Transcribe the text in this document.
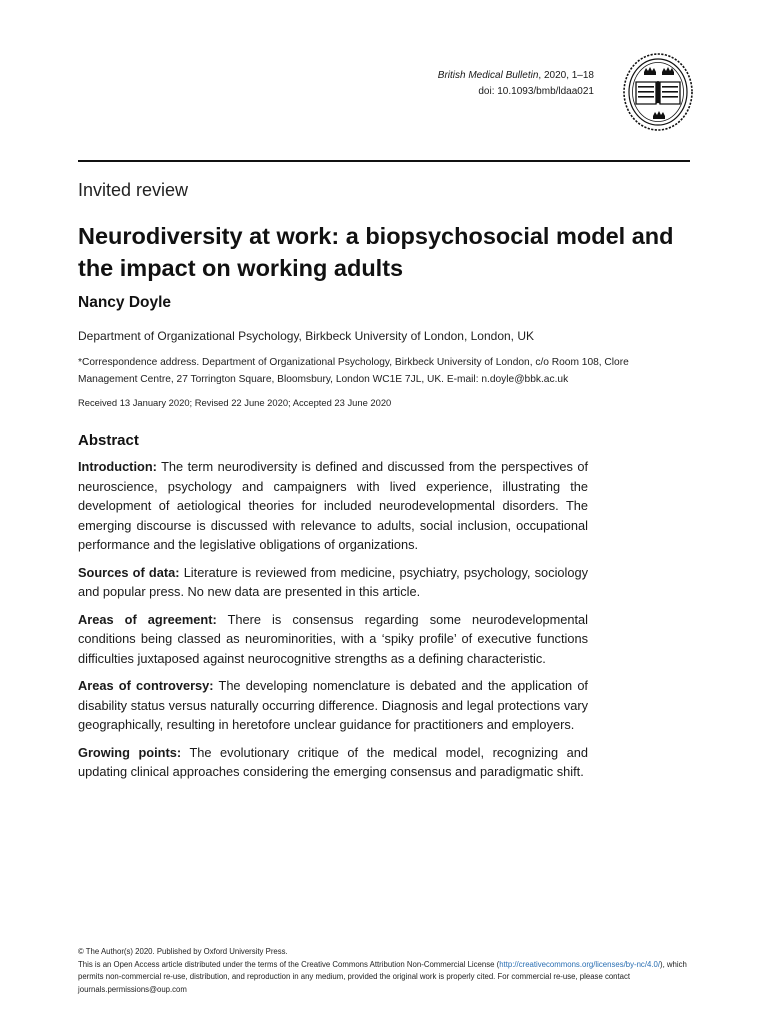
British Medical Bulletin, 2020, 1–18
doi: 10.1093/bmb/ldaa021
Invited review
Neurodiversity at work: a biopsychosocial model and the impact on working adults
Nancy Doyle
Department of Organizational Psychology, Birkbeck University of London, London, UK
*Correspondence address. Department of Organizational Psychology, Birkbeck University of London, c/o Room 108, Clore Management Centre, 27 Torrington Square, Bloomsbury, London WC1E 7JL, UK. E-mail: n.doyle@bbk.ac.uk
Received 13 January 2020; Revised 22 June 2020; Accepted 23 June 2020
Abstract

Introduction: The term neurodiversity is defined and discussed from the perspectives of neuroscience, psychology and campaigners with lived experience, illustrating the development of aetiological theories for included neurodevelopmental disorders. The emerging discourse is discussed with relevance to adults, social inclusion, occupational performance and the legislative obligations of organizations.

Sources of data: Literature is reviewed from medicine, psychiatry, psychology, sociology and popular press. No new data are presented in this article.

Areas of agreement: There is consensus regarding some neurodevelopmental conditions being classed as neurominorities, with a ‘spiky profile’ of executive functions difficulties juxtaposed against neurocognitive strengths as a defining characteristic.

Areas of controversy: The developing nomenclature is debated and the application of disability status versus naturally occurring difference. Diagnosis and legal protections vary geographically, resulting in heretofore unclear guidance for practitioners and employers.

Growing points: The evolutionary critique of the medical model, recognizing and updating clinical approaches considering the emerging consensus and paradigmatic shift.

© The Author(s) 2020. Published by Oxford University Press.
This is an Open Access article distributed under the terms of the Creative Commons Attribution Non-Commercial License (http://creativecommons.org/licenses/by-nc/4.0/), which permits non-commercial re-use, distribution, and reproduction in any medium, provided the original work is properly cited. For commercial re-use, please contact journals.permissions@oup.com
